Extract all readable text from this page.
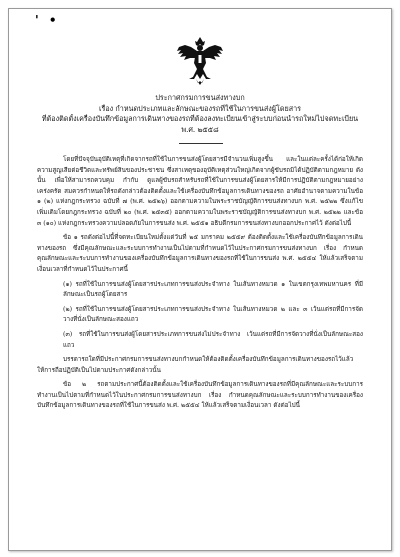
' •
ประกาศกรมการขนส่งทางบก
เรื่อง กำหนดประเภทและลักษณะของรถที่ใช้ในการขนส่งผู้โดยสาร
ที่ต้องติดตั้งเครื่องบันทึกข้อมูลการเดินทางของรถที่ต้องลงทะเบียนเข้าสู่ระบบก่อนนำรถใหม่ไปจดทะเบียน
พ.ศ. ๒๕๕๘

โดยที่ปัจจุบันอุบัติเหตุที่เกิดจากรถที่ใช้ในการขนส่งผู้โดยสารมีจำนวนเพิ่มสูงขึ้น และในแต่ละครั้งได้ก่อให้เกิดความสูญเสียต่อชีวิตและทรัพย์สินของประชาชน ซึ่งสาเหตุของอุบัติเหตุส่วนใหญ่เกิดจากผู้ขับรถมิได้ปฏิบัติตามกฎหมาย ดังนั้น เพื่อให้สามารถควบคุม กำกับ ดูแลผู้ขับรถสำหรับรถที่ใช้ในการขนส่งผู้โดยสารให้มีการปฏิบัติตามกฎหมายอย่างเคร่งครัด สมควรกำหนดให้รถดังกล่าวต้องติดตั้งและใช้เครื่องบันทึกข้อมูลการเดินทางของรถ อาศัยอำนาจตามความในข้อ ๑ (๒) แห่งกฎกระทรวง ฉบับที่ ๗ (พ.ศ. ๒๕๒๖) ออกตามความในพระราชบัญญัติการขนส่งทางบก พ.ศ. ๒๕๒๒ ซึ่งแก้ไขเพิ่มเติมโดยกฎกระทรวง ฉบับที่ ๒๐ (พ.ศ. ๒๕๓๕) ออกตามความในพระราชบัญญัติการขนส่งทางบก พ.ศ. ๒๕๒๒ และข้อ ๓ (๑๐) แห่งกฎกระทรวงความปลอดภัยในการขนส่ง พ.ศ. ๒๕๕๑ อธิบดีกรมการขนส่งทางบกออกประกาศไว้ ดังต่อไปนี้

ข้อ ๑ รถดังต่อไปนี้ที่จดทะเบียนใหม่ตั้งแต่วันที่ ๒๕ มกราคม ๒๕๕๙ ต้องติดตั้งและใช้เครื่องบันทึกข้อมูลการเดินทางของรถ ซึ่งมีคุณลักษณะและระบบการทำงานเป็นไปตามที่กำหนดไว้ในประกาศกรมการขนส่งทางบก เรื่อง กำหนดคุณลักษณะและระบบการทำงานของเครื่องบันทึกข้อมูลการเดินทางของรถที่ใช้ในการขนส่ง พ.ศ. ๒๕๕๔ ให้แล้วเสร็จตามเงื่อนเวลาที่กำหนดไว้ในประกาศนี้

(๑) รถที่ใช้ในการขนส่งผู้โดยสารประเภทการขนส่งประจำทาง ในเส้นทางหมวด ๑ ในเขตกรุงเทพมหานคร ที่มีลักษณะเป็นรถผู้โดยสาร

(๒) รถที่ใช้ในการขนส่งผู้โดยสารประเภทการขนส่งประจำทาง ในเส้นทางหมวด ๒ และ ๓ เว้นแต่รถที่มีการจัดวางที่นั่งเป็นลักษณะสองแถว

(๓) รถที่ใช้ในการขนส่งผู้โดยสารประเภทการขนส่งไม่ประจำทาง เว้นแต่รถที่มีการจัดวางที่นั่งเป็นลักษณะสองแถว

บรรดารถใดที่มีประกาศกรมการขนส่งทางบกกำหนดให้ต้องติดตั้งเครื่องบันทึกข้อมูลการเดินทางของรถไว้แล้ว ให้การถือปฏิบัติเป็นไปตามประกาศดังกล่าวนั้น

ข้อ ๒ รถตามประกาศนี้ต้องติดตั้งและใช้เครื่องบันทึกข้อมูลการเดินทางของรถที่มีคุณลักษณะและระบบการทำงานเป็นไปตามที่กำหนดไว้ในประกาศกรมการขนส่งทางบก เรื่อง กำหนดคุณลักษณะและระบบการทำงานของเครื่องบันทึกข้อมูลการเดินทางของรถที่ใช้ในการขนส่ง พ.ศ. ๒๕๕๔ ให้แล้วเสร็จตามเงื่อนเวลา ดังต่อไปนี้
